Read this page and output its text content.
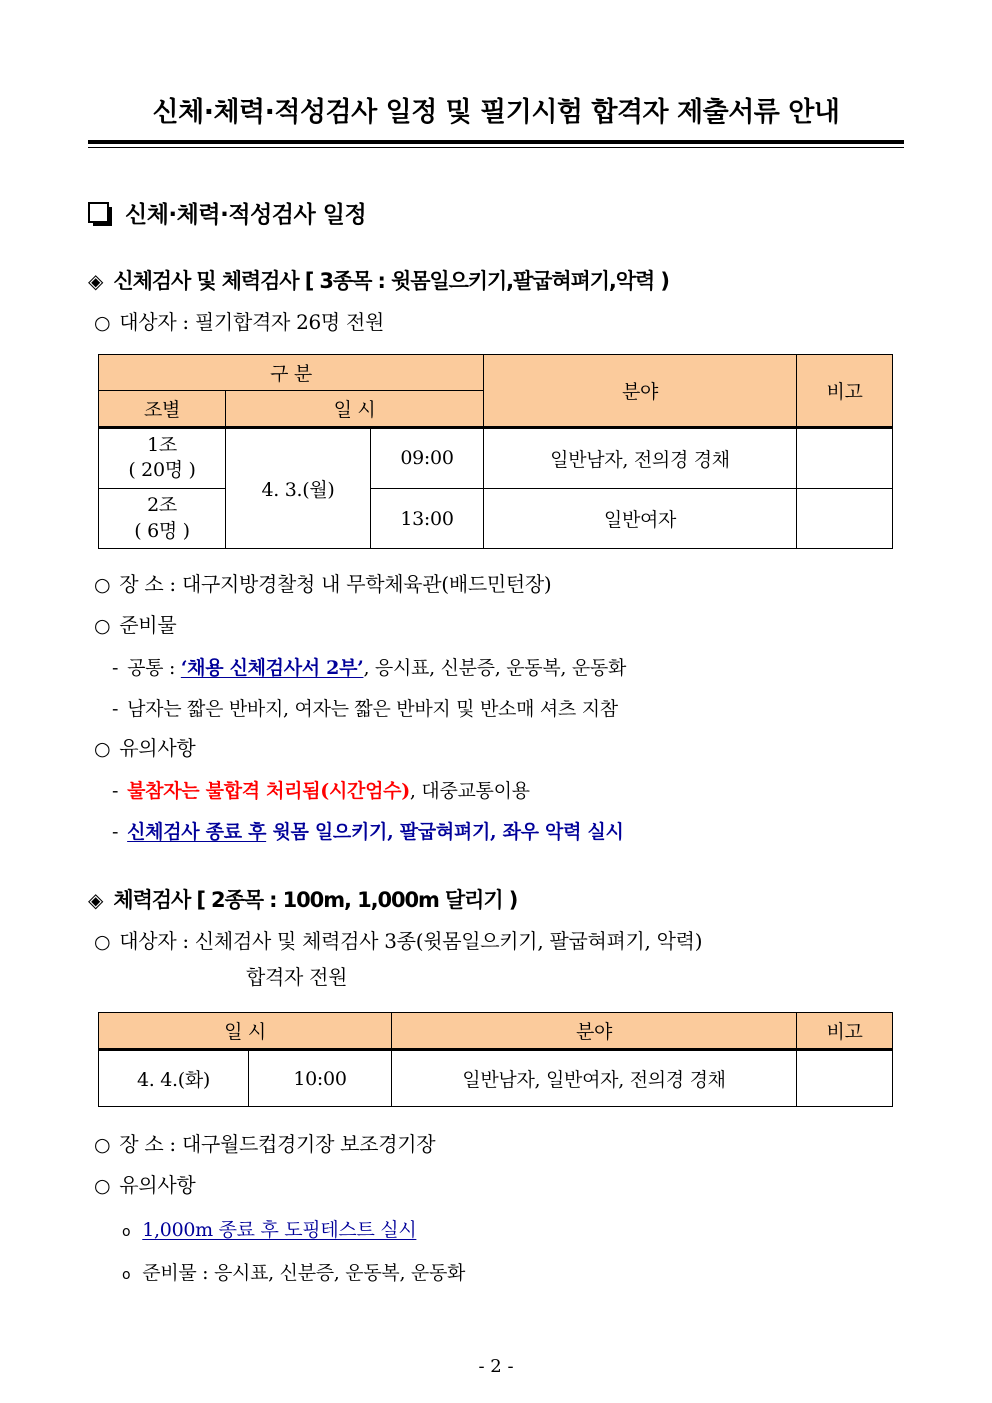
신체·체력·적성검사 일정 및 필기시험 합격자 제출서류 안내
신체·체력·적성검사 일정
◈ 신체검사 및 체력검사 [ 3종목 : 윗몸일으키기,팔굽혀펴기,악력 )
○ 대상자 : 필기합격자 26명 전원
구 분			분야	비고
조별	일 시			

1조
( 20명 )	4. 3.(월)	09:00	일반남자, 전의경 경채	

2조
( 6명 )		13:00	일반여자	
○ 장 소 : 대구지방경찰청 내 무학체육관(배드민턴장)
○ 준비물
- 공통 : ‘채용 신체검사서 2부’, 응시표, 신분증, 운동복, 운동화
- 남자는 짧은 반바지, 여자는 짧은 반바지 및 반소매 셔츠 지참
○ 유의사항
- 불참자는 불합격 처리됨(시간엄수), 대중교통이용
- 신체검사 종료 후 윗몸 일으키기, 팔굽혀펴기, 좌우 악력 실시
◈ 체력검사 [ 2종목 : 100m, 1,000m 달리기 )
○ 대상자 : 신체검사 및 체력검사 3종(윗몸일으키기, 팔굽혀펴기, 악력)
합격자 전원
일 시		분야	비고
4. 4.(화)	10:00	일반남자, 일반여자, 전의경 경채	
○ 장 소 : 대구월드컵경기장 보조경기장
○ 유의사항
o 1,000m 종료 후 도핑테스트 실시
o 준비물 : 응시표, 신분증, 운동복, 운동화
- 2 -
